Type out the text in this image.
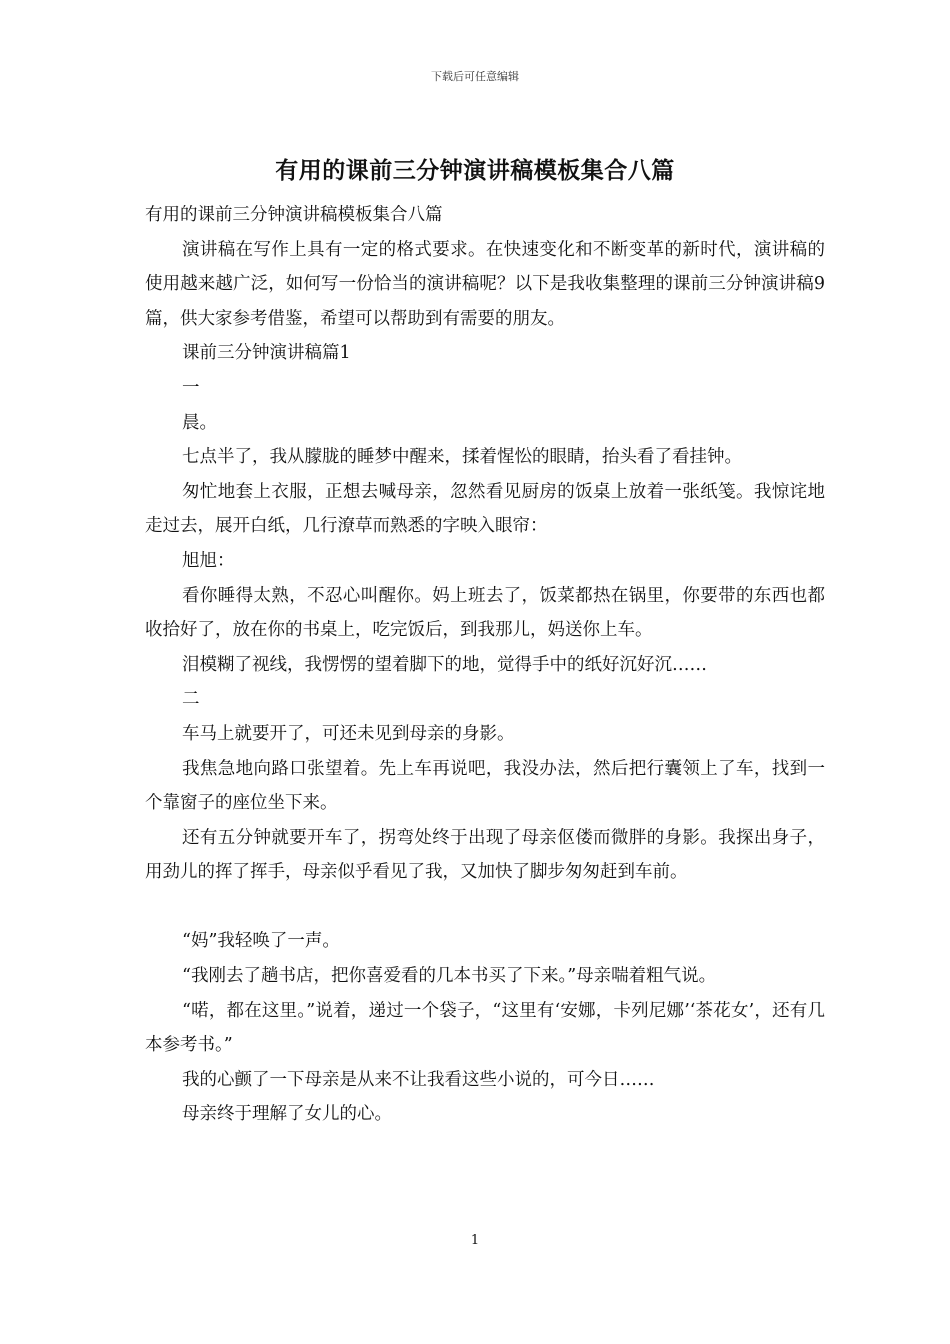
下载后可任意编辑
有用的课前三分钟演讲稿模板集合八篇

有用的课前三分钟演讲稿模板集合八篇

演讲稿在写作上具有一定的格式要求。在快速变化和不断变革的新时代，演讲稿的使用越来越广泛，如何写一份恰当的演讲稿呢？以下是我收集整理的课前三分钟演讲稿9篇，供大家参考借鉴，希望可以帮助到有需要的朋友。

课前三分钟演讲稿篇1

一

晨。

七点半了，我从朦胧的睡梦中醒来，揉着惺忪的眼睛，抬头看了看挂钟。

匆忙地套上衣服，正想去喊母亲，忽然看见厨房的饭桌上放着一张纸笺。我惊诧地走过去，展开白纸，几行潦草而熟悉的字映入眼帘：

旭旭：

看你睡得太熟，不忍心叫醒你。妈上班去了，饭菜都热在锅里，你要带的东西也都收拾好了，放在你的书桌上，吃完饭后，到我那儿，妈送你上车。

泪模糊了视线，我愣愣的望着脚下的地，觉得手中的纸好沉好沉……

二

车马上就要开了，可还未见到母亲的身影。

我焦急地向路口张望着。先上车再说吧，我没办法，然后把行囊领上了车，找到一个靠窗子的座位坐下来。

还有五分钟就要开车了，拐弯处终于出现了母亲伛偻而微胖的身影。我探出身子，用劲儿的挥了挥手，母亲似乎看见了我，又加快了脚步匆匆赶到车前。

“妈”我轻唤了一声。

“我刚去了趟书店，把你喜爱看的几本书买了下来。”母亲喘着粗气说。

“喏，都在这里。”说着，递过一个袋子，“这里有‘安娜，卡列尼娜’‘茶花女’，还有几本参考书。”

我的心颤了一下母亲是从来不让我看这些小说的，可今日……

母亲终于理解了女儿的心。

1
